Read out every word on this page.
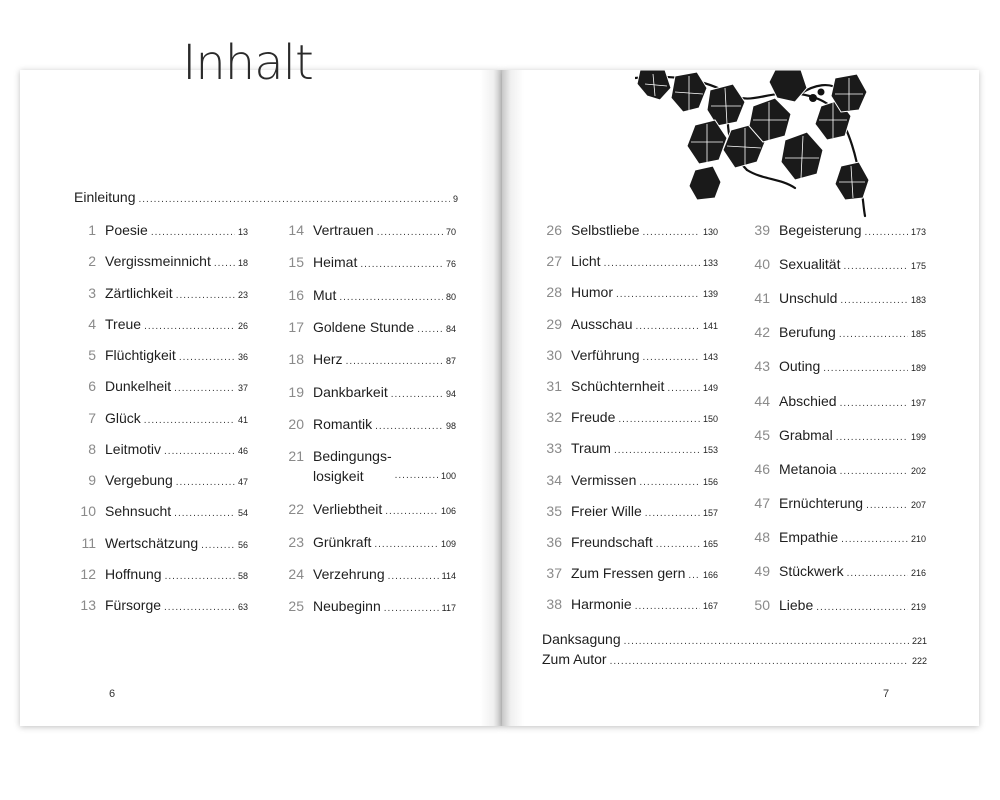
Inhalt
Einleitung .....	9
1 Poesie .....	13
2 Vergissmeinnicht .....	18
3 Zärtlichkeit .....	23
4 Treue .....	26
5 Flüchtigkeit .....	36
6 Dunkelheit .....	37
7 Glück .....	41
8 Leitmotiv .....	46
9 Vergebung .....	47
10 Sehnsucht .....	54
11 Wertschätzung .....	56
12 Hoffnung .....	58
13 Fürsorge .....	63
14 Vertrauen .....	70
15 Heimat .....	76
16 Mut .....	80
17 Goldene Stunde .....	84
18 Herz .....	87
19 Dankbarkeit .....	94
20 Romantik .....	98
21 Bedingungs-
losigkeit .....	100
22 Verliebtheit .....	106
23 Grünkraft .....	109
24 Verzehrung .....	114
25 Neubeginn .....	117
26 Selbstliebe .....	130
27 Licht .....	133
28 Humor .....	139
29 Ausschau .....	141
30 Verführung .....	143
31 Schüchternheit .....	149
32 Freude .....	150
33 Traum .....	153
34 Vermissen .....	156
35 Freier Wille .....	157
36 Freundschaft .....	165
37 Zum Fressen gern ..... 166
38 Harmonie .....	167
39 Begeisterung .....	173
40 Sexualität .....	175
41 Unschuld .....	183
42 Berufung .....	185
43 Outing .....	189
44 Abschied .....	197
45 Grabmal .....	199
46 Metanoia .....	202
47 Ernüchterung .....	207
48 Empathie .....	210
49 Stückwerk .....	216
50 Liebe .....	219
Danksagung .....	221
Zum Autor .....	222
6	7
